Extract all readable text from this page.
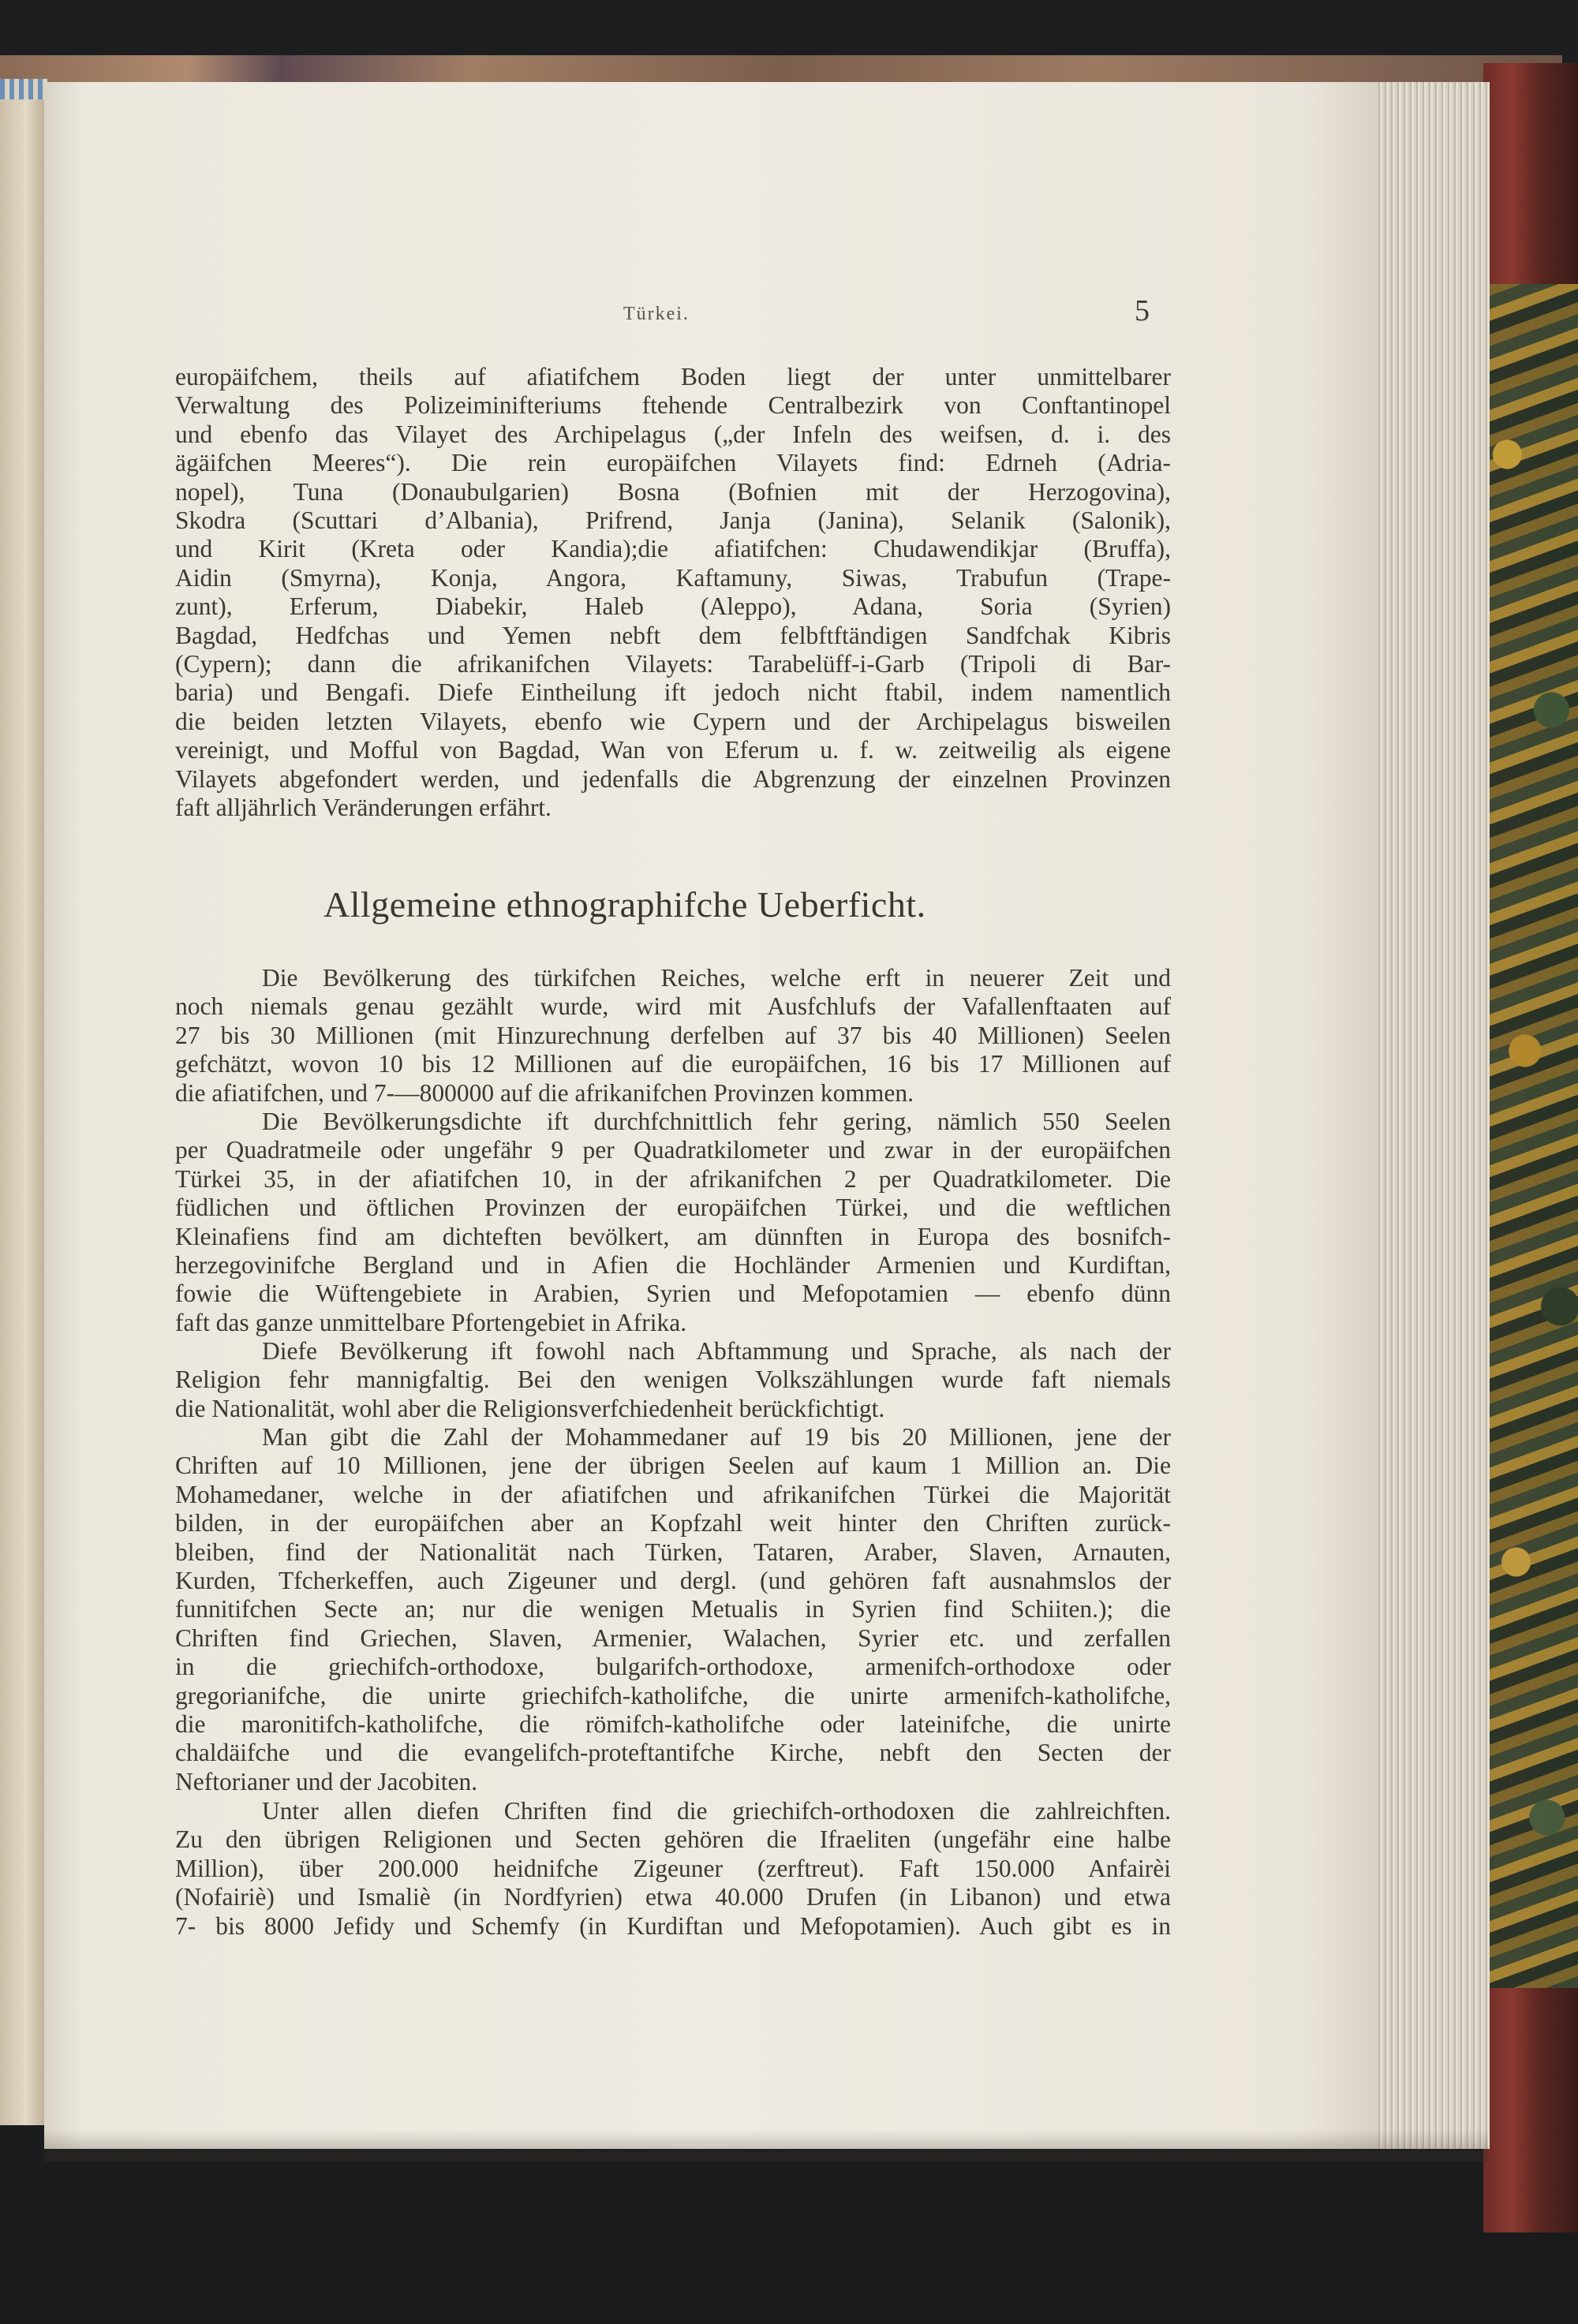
Türkei.	5
europäifchem, theils auf afiatifchem Boden liegt der unter unmittelbarer
Verwaltung des Polizeiminifteriums ftehende Centralbezirk von Conftantinopel
und ebenfo das Vilayet des Archipelagus („der Infeln des weifsen, d. i. des
ägäifchen Meeres“). Die rein europäifchen Vilayets find: Edrneh (Adria-
nopel), Tuna (Donaubulgarien) Bosna (Bofnien mit der Herzogovina),
Skodra (Scuttari d’Albania), Prifrend, Janja (Janina), Selanik (Salonik),
und Kirit (Kreta oder Kandia);die afiatifchen: Chudawendikjar (Bruffa),
Aidin (Smyrna), Konja, Angora, Kaftamuny, Siwas, Trabufun (Trape-
zunt), Erferum, Diabekir, Haleb (Aleppo), Adana, Soria (Syrien)
Bagdad, Hedfchas und Yemen nebft dem felbftftändigen Sandfchak Kibris
(Cypern); dann die afrikanifchen Vilayets: Tarabelüff-i-Garb (Tripoli di Bar-
baria) und Bengafi. Diefe Eintheilung ift jedoch nicht ftabil, indem namentlich
die beiden letzten Vilayets, ebenfo wie Cypern und der Archipelagus bisweilen
vereinigt, und Mofful von Bagdad, Wan von Eferum u. f. w. zeitweilig als eigene
Vilayets abgefondert werden, und jedenfalls die Abgrenzung der einzelnen Provinzen
faft alljährlich Veränderungen erfährt.
Allgemeine ethnographifche Ueberficht.
Die Bevölkerung des türkifchen Reiches, welche erft in neuerer Zeit und
noch niemals genau gezählt wurde, wird mit Ausfchlufs der Vafallenftaaten auf
27 bis 30 Millionen (mit Hinzurechnung derfelben auf 37 bis 40 Millionen) Seelen
gefchätzt, wovon 10 bis 12 Millionen auf die europäifchen, 16 bis 17 Millionen auf
die afiatifchen, und 7-—800000 auf die afrikanifchen Provinzen kommen.
Die Bevölkerungsdichte ift durchfchnittlich fehr gering, nämlich 550 Seelen
per Quadratmeile oder ungefähr 9 per Quadratkilometer und zwar in der europäifchen
Türkei 35, in der afiatifchen 10, in der afrikanifchen 2 per Quadratkilometer. Die
füdlichen und öftlichen Provinzen der europäifchen Türkei, und die weftlichen
Kleinafiens find am dichteften bevölkert, am dünnften in Europa des bosnifch-
herzegovinifche Bergland und in Afien die Hochländer Armenien und Kurdiftan,
fowie die Wüftengebiete in Arabien, Syrien und Mefopotamien — ebenfo dünn
faft das ganze unmittelbare Pfortengebiet in Afrika.
Diefe Bevölkerung ift fowohl nach Abftammung und Sprache, als nach der
Religion fehr mannigfaltig. Bei den wenigen Volkszählungen wurde faft niemals
die Nationalität, wohl aber die Religionsverfchiedenheit berückfichtigt.
Man gibt die Zahl der Mohammedaner auf 19 bis 20 Millionen, jene der
Chriften auf 10 Millionen, jene der übrigen Seelen auf kaum 1 Million an. Die
Mohamedaner, welche in der afiatifchen und afrikanifchen Türkei die Majorität
bilden, in der europäifchen aber an Kopfzahl weit hinter den Chriften zurück-
bleiben, find der Nationalität nach Türken, Tataren, Araber, Slaven, Arnauten,
Kurden, Tfcherkeffen, auch Zigeuner und dergl. (und gehören faft ausnahmslos der
funnitifchen Secte an; nur die wenigen Metualis in Syrien find Schiiten.); die
Chriften find Griechen, Slaven, Armenier, Walachen, Syrier etc. und zerfallen
in die griechifch-orthodoxe, bulgarifch-orthodoxe, armenifch-orthodoxe oder
gregorianifche, die unirte griechifch-katholifche, die unirte armenifch-katholifche,
die maronitifch-katholifche, die römifch-katholifche oder lateinifche, die unirte
chaldäifche und die evangelifch-proteftantifche Kirche, nebft den Secten der
Neftorianer und der Jacobiten.
Unter allen diefen Chriften find die griechifch-orthodoxen die zahlreichften.
Zu den übrigen Religionen und Secten gehören die Ifraeliten (ungefähr eine halbe
Million), über 200.000 heidnifche Zigeuner (zerftreut). Faft 150.000 Anfairèi
(Nofairiè) und Ismaliè (in Nordfyrien) etwa 40.000 Drufen (in Libanon) und etwa
7- bis 8000 Jefidy und Schemfy (in Kurdiftan und Mefopotamien). Auch gibt es in
